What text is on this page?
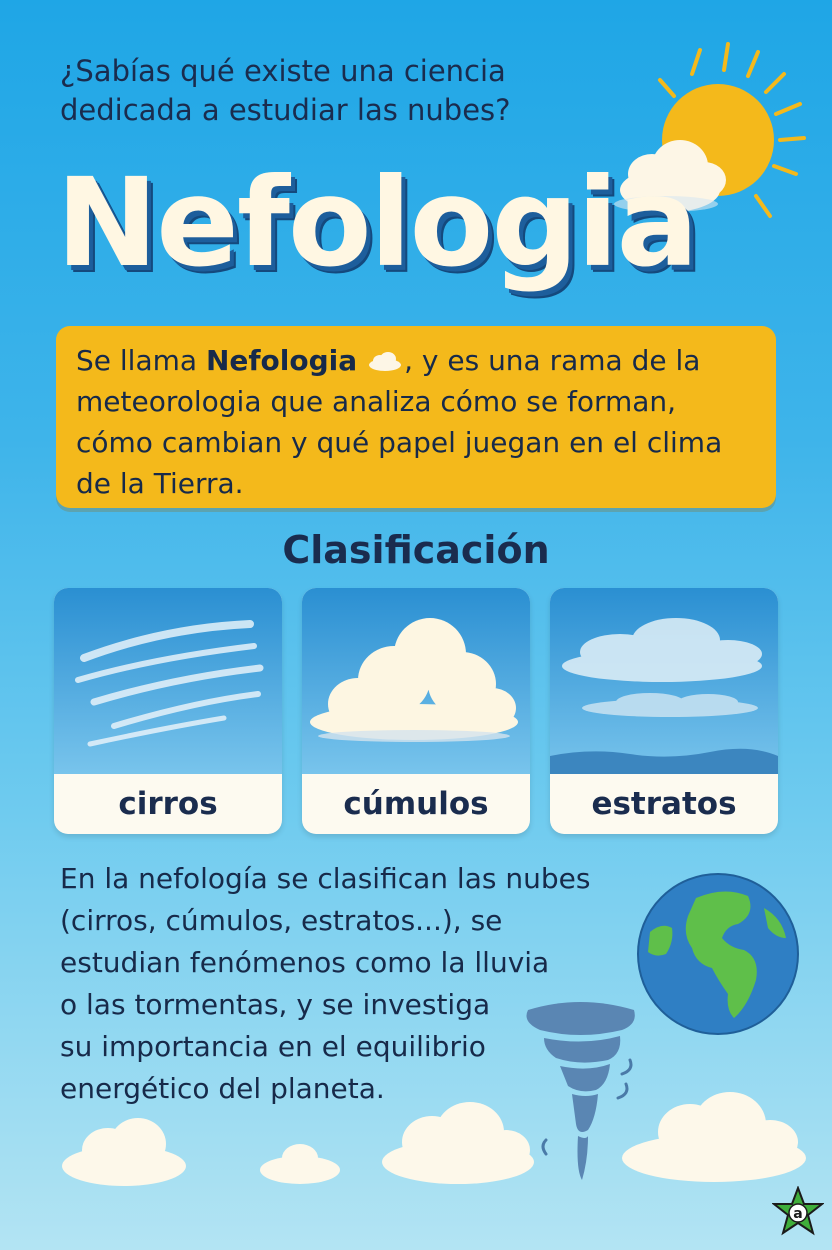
¿Sabías qué existe una ciencia
dedicada a estudiar las nubes?
Nefologia
Se llama Nefologia , y es una rama de la meteorologia que analiza cómo se forman, cómo cambian y qué papel juegan en el clima de la Tierra.
Clasificación
cirros	cúmulos	estratos
En la nefología se clasifican las nubes
(cirros, cúmulos, estratos...), se
estudian fenómenos como la lluvia
o las tormentas, y se investiga
su importancia en el equilibrio
energético del planeta.
a
